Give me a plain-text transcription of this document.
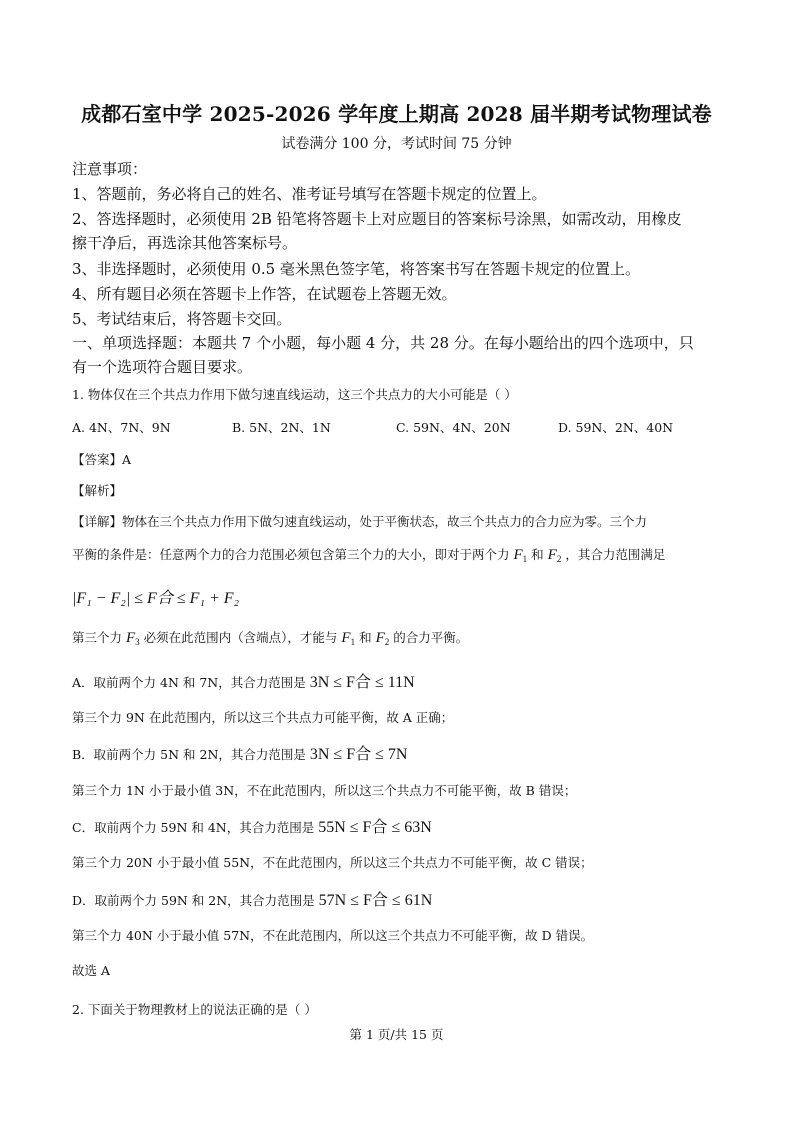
成都石室中学 2025-2026 学年度上期高 2028 届半期考试物理试卷
试卷满分 100 分，考试时间 75 分钟
注意事项：
1、答题前，务必将自己的姓名、准考证号填写在答题卡规定的位置上。
2、答选择题时，必须使用 2B 铅笔将答题卡上对应题目的答案标号涂黑，如需改动，用橡皮
擦干净后，再选涂其他答案标号。
3、非选择题时，必须使用 0.5 毫米黑色签字笔，将答案书写在答题卡规定的位置上。
4、所有题目必须在答题卡上作答，在试题卷上答题无效。
5、考试结束后，将答题卡交回。
一、单项选择题：本题共 7 个小题，每小题 4 分，共 28 分。在每小题给出的四个选项中，只
有一个选项符合题目要求。
1. 物体仅在三个共点力作用下做匀速直线运动，这三个共点力的大小可能是（ ）
A. 4N、7N、9N	B. 5N、2N、1N	C. 59N、4N、20N	D. 59N、2N、40N
【答案】A
【解析】
【详解】物体在三个共点力作用下做匀速直线运动，处于平衡状态，故三个共点力的合力应为零。三个力
平衡的条件是：任意两个力的合力范围必须包含第三个力的大小，即对于两个力 $F_1$ 和 $F_2$ ，其合力范围满足
|F₁ − F₂| ≤ F合 ≤ F₁ + F₂
第三个力 $F_3$ 必须在此范围内（含端点），才能与 $F_1$ 和 $F_2$ 的合力平衡。
A．取前两个力 4N 和 7N，其合力范围是 3N ≤ F合 ≤ 11N
第三个力 9N 在此范围内，所以这三个共点力可能平衡，故 A 正确；
B．取前两个力 5N 和 2N，其合力范围是 3N ≤ F合 ≤ 7N
第三个力 1N 小于最小值 3N，不在此范围内，所以这三个共点力不可能平衡，故 B 错误；
C．取前两个力 59N 和 4N，其合力范围是 55N ≤ F合 ≤ 63N
第三个力 20N 小于最小值 55N，不在此范围内，所以这三个共点力不可能平衡，故 C 错误；
D．取前两个力 59N 和 2N，其合力范围是 57N ≤ F合 ≤ 61N
第三个力 40N 小于最小值 57N，不在此范围内，所以这三个共点力不可能平衡，故 D 错误。
故选 A
2. 下面关于物理教材上的说法正确的是（ ）
第 1 页/共 15 页
